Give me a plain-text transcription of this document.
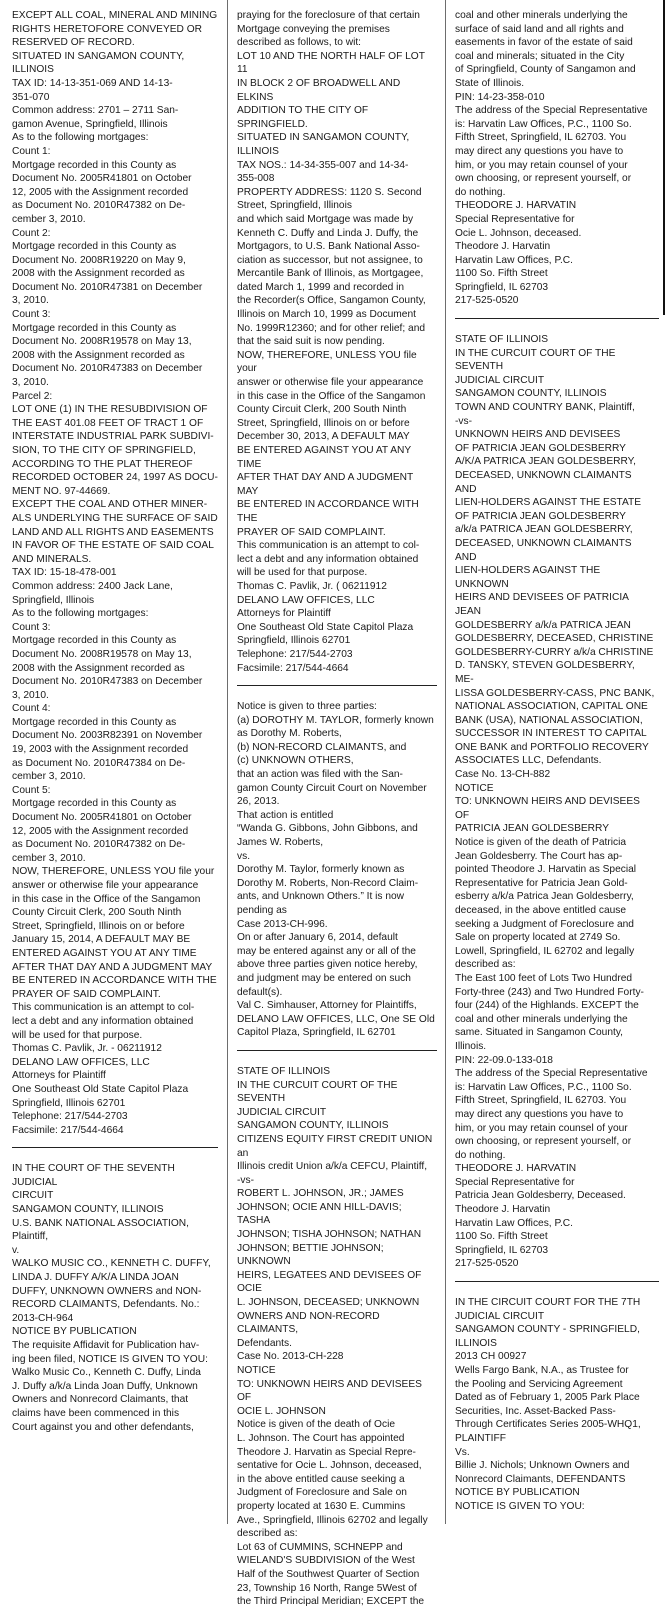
EXCEPT ALL COAL, MINERAL AND MINING
RIGHTS HERETOFORE CONVEYED OR
RESERVED OF RECORD.
SITUATED IN SANGAMON COUNTY,
ILLINOIS
TAX ID: 14-13-351-069 AND 14-13-
351-070
Common address: 2701 – 2711 San-
gamon Avenue, Springfield, Illinois
As to the following mortgages:
Count 1:
Mortgage recorded in this County as
Document No. 2005R41801 on October
12, 2005 with the Assignment recorded
as Document No. 2010R47382 on De-
cember 3, 2010.
Count 2:
Mortgage recorded in this County as
Document No. 2008R19220 on May 9,
2008 with the Assignment recorded as
Document No. 2010R47381 on December
3, 2010.
Count 3:
Mortgage recorded in this County as
Document No. 2008R19578 on May 13,
2008 with the Assignment recorded as
Document No. 2010R47383 on December
3, 2010.
Parcel 2:
LOT ONE (1) IN THE RESUBDIVISION OF
THE EAST 401.08 FEET OF TRACT 1 OF
INTERSTATE INDUSTRIAL PARK SUBDIVI-
SION, TO THE CITY OF SPRINGFIELD,
ACCORDING TO THE PLAT THEREOF
RECORDED OCTOBER 24, 1997 AS DOCU-
MENT NO. 97-44669.
EXCEPT THE COAL AND OTHER MINER-
ALS UNDERLYING THE SURFACE OF SAID
LAND AND ALL RIGHTS AND EASEMENTS
IN FAVOR OF THE ESTATE OF SAID COAL
AND MINERALS.
TAX ID: 15-18-478-001
Common address: 2400 Jack Lane,
Springfield, Illinois
As to the following mortgages:
Count 3:
Mortgage recorded in this County as
Document No. 2008R19578 on May 13,
2008 with the Assignment recorded as
Document No. 2010R47383 on December
3, 2010.
Count 4:
Mortgage recorded in this County as
Document No. 2003R82391 on November
19, 2003 with the Assignment recorded
as Document No. 2010R47384 on De-
cember 3, 2010.
Count 5:
Mortgage recorded in this County as
Document No. 2005R41801 on October
12, 2005 with the Assignment recorded
as Document No. 2010R47382 on De-
cember 3, 2010.
NOW, THEREFORE, UNLESS YOU file your
answer or otherwise file your appearance
in this case in the Office of the Sangamon
County Circuit Clerk, 200 South Ninth
Street, Springfield, Illinois on or before
January 15, 2014, A DEFAULT MAY BE
ENTERED AGAINST YOU AT ANY TIME
AFTER THAT DAY AND A JUDGMENT MAY
BE ENTERED IN ACCORDANCE WITH THE
PRAYER OF SAID COMPLAINT.
This communication is an attempt to col-
lect a debt and any information obtained
will be used for that purpose.
Thomas C. Pavlik, Jr. - 06211912
DELANO LAW OFFICES, LLC
Attorneys for Plaintiff
One Southeast Old State Capitol Plaza
Springfield, Illinois 62701
Telephone: 217/544-2703
Facsimile: 217/544-4664

IN THE COURT OF THE SEVENTH JUDICIAL
CIRCUIT
SANGAMON COUNTY, ILLINOIS
U.S. BANK NATIONAL ASSOCIATION,
Plaintiff,
v.
WALKO MUSIC CO., KENNETH C. DUFFY,
LINDA J. DUFFY A/K/A LINDA JOAN
DUFFY, UNKNOWN OWNERS and NON-
RECORD CLAIMANTS, Defendants. No.:
2013-CH-964
NOTICE BY PUBLICATION
The requisite Affidavit for Publication hav-
ing been filed, NOTICE IS GIVEN TO YOU:
Walko Music Co., Kenneth C. Duffy, Linda
J. Duffy a/k/a Linda Joan Duffy, Unknown
Owners and Nonrecord Claimants, that
claims have been commenced in this
Court against you and other defendants,

praying for the foreclosure of that certain
Mortgage conveying the premises
described as follows, to wit:
LOT 10 AND THE NORTH HALF OF LOT 11
IN BLOCK 2 OF BROADWELL AND ELKINS
ADDITION TO THE CITY OF SPRINGFIELD.
SITUATED IN SANGAMON COUNTY,
ILLINOIS
TAX NOS.: 14-34-355-007 and 14-34-
355-008
PROPERTY ADDRESS: 1120 S. Second
Street, Springfield, Illinois
and which said Mortgage was made by
Kenneth C. Duffy and Linda J. Duffy, the
Mortgagors, to U.S. Bank National Asso-
ciation as successor, but not assignee, to
Mercantile Bank of Illinois, as Mortgagee,
dated March 1, 1999 and recorded in
the Recorder(s Office, Sangamon County,
Illinois on March 10, 1999 as Document
No. 1999R12360; and for other relief; and
that the said suit is now pending.
NOW, THEREFORE, UNLESS YOU file your
answer or otherwise file your appearance
in this case in the Office of the Sangamon
County Circuit Clerk, 200 South Ninth
Street, Springfield, Illinois on or before
December 30, 2013, A DEFAULT MAY
BE ENTERED AGAINST YOU AT ANY TIME
AFTER THAT DAY AND A JUDGMENT MAY
BE ENTERED IN ACCORDANCE WITH THE
PRAYER OF SAID COMPLAINT.
This communication is an attempt to col-
lect a debt and any information obtained
will be used for that purpose.
Thomas C. Pavlik, Jr. ( 06211912
DELANO LAW OFFICES, LLC
Attorneys for Plaintiff
One Southeast Old State Capitol Plaza
Springfield, Illinois 62701
Telephone: 217/544-2703
Facsimile: 217/544-4664

Notice is given to three parties:
(a) DOROTHY M. TAYLOR, formerly known
as Dorothy M. Roberts,
(b) NON-RECORD CLAIMANTS, and
(c) UNKNOWN OTHERS,
that an action was filed with the San-
gamon County Circuit Court on November
26, 2013.
That action is entitled
“Wanda G. Gibbons, John Gibbons, and
James W. Roberts,
vs.
Dorothy M. Taylor, formerly known as
Dorothy M. Roberts, Non-Record Claim-
ants, and Unknown Others.” It is now
pending as
Case 2013-CH-996.
On or after January 6, 2014, default
may be entered against any or all of the
above three parties given notice hereby,
and judgment may be entered on such
default(s).
Val C. Simhauser, Attorney for Plaintiffs,
DELANO LAW OFFICES, LLC, One SE Old
Capitol Plaza, Springfield, IL 62701

STATE OF ILLINOIS
IN THE CURCUIT COURT OF THE SEVENTH
JUDICIAL CIRCUIT
SANGAMON COUNTY, ILLINOIS
CITIZENS EQUITY FIRST CREDIT UNION an
Illinois credit Union a/k/a CEFCU, Plaintiff,
-vs-
ROBERT L. JOHNSON, JR.; JAMES
JOHNSON; OCIE ANN HILL-DAVIS; TASHA
JOHNSON; TISHA JOHNSON; NATHAN
JOHNSON; BETTIE JOHNSON; UNKNOWN
HEIRS, LEGATEES AND DEVISEES OF OCIE
L. JOHNSON, DECEASED; UNKNOWN
OWNERS AND NON-RECORD CLAIMANTS,
Defendants.
Case No. 2013-CH-228
NOTICE
TO: UNKNOWN HEIRS AND DEVISEES OF
OCIE L. JOHNSON
Notice is given of the death of Ocie
L. Johnson. The Court has appointed
Theodore J. Harvatin as Special Repre-
sentative for Ocie L. Johnson, deceased,
in the above entitled cause seeking a
Judgment of Foreclosure and Sale on
property located at 1630 E. Cummins
Ave., Springfield, Illinois 62702 and legally
described as:
Lot 63 of CUMMINS, SCHNEPP and
WIELAND'S SUBDIVISION of the West
Half of the Southwest Quarter of Section
23, Township 16 North, Range 5West of
the Third Principal Meridian; EXCEPT the

coal and other minerals underlying the
surface of said land and all rights and
easements in favor of the estate of said
coal and minerals; situated in the City
of Springfield, County of Sangamon and
State of Illinois.
PIN: 14-23-358-010
The address of the Special Representative
is: Harvatin Law Offices, P.C., 1100 So.
Fifth Street, Springfield, IL 62703. You
may direct any questions you have to
him, or you may retain counsel of your
own choosing, or represent yourself, or
do nothing.
THEODORE J. HARVATIN
Special Representative for
Ocie L. Johnson, deceased.
Theodore J. Harvatin
Harvatin Law Offices, P.C.
1100 So. Fifth Street
Springfield, IL 62703
217-525-0520

STATE OF ILLINOIS
IN THE CURCUIT COURT OF THE SEVENTH
JUDICIAL CIRCUIT
SANGAMON COUNTY, ILLINOIS
TOWN AND COUNTRY BANK, Plaintiff,
-vs-
UNKNOWN HEIRS AND DEVISEES
OF PATRICIA JEAN GOLDESBERRY
A/K/A PATRICA JEAN GOLDESBERRY,
DECEASED, UNKNOWN CLAIMANTS AND
LIEN-HOLDERS AGAINST THE ESTATE
OF PATRICIA JEAN GOLDESBERRY
a/k/a PATRICA JEAN GOLDESBERRY,
DECEASED, UNKNOWN CLAIMANTS AND
LIEN-HOLDERS AGAINST THE UNKNOWN
HEIRS AND DEVISEES OF PATRICIA JEAN
GOLDESBERRY a/k/a PATRICA JEAN
GOLDESBERRY, DECEASED, CHRISTINE
GOLDESBERRY-CURRY a/k/a CHRISTINE
D. TANSKY, STEVEN GOLDESBERRY, ME-
LISSA GOLDESBERRY-CASS, PNC BANK,
NATIONAL ASSOCIATION, CAPITAL ONE
BANK (USA), NATIONAL ASSOCIATION,
SUCCESSOR IN INTEREST TO CAPITAL
ONE BANK and PORTFOLIO RECOVERY
ASSOCIATES LLC, Defendants.
Case No. 13-CH-882
NOTICE
TO: UNKNOWN HEIRS AND DEVISEES OF
PATRICIA JEAN GOLDESBERRY
Notice is given of the death of Patricia
Jean Goldesberry. The Court has ap-
pointed Theodore J. Harvatin as Special
Representative for Patricia Jean Gold-
esberry a/k/a Patrica Jean Goldesberry,
deceased, in the above entitled cause
seeking a Judgment of Foreclosure and
Sale on property located at 2749 So.
Lowell, Springfield, IL 62702 and legally
described as:
The East 100 feet of Lots Two Hundred
Forty-three (243) and Two Hundred Forty-
four (244) of the Highlands. EXCEPT the
coal and other minerals underlying the
same. Situated in Sangamon County,
Illinois.
PIN: 22-09.0-133-018
The address of the Special Representative
is: Harvatin Law Offices, P.C., 1100 So.
Fifth Street, Springfield, IL 62703. You
may direct any questions you have to
him, or you may retain counsel of your
own choosing, or represent yourself, or
do nothing.
THEODORE J. HARVATIN
Special Representative for
Patricia Jean Goldesberry, Deceased.
Theodore J. Harvatin
Harvatin Law Offices, P.C.
1100 So. Fifth Street
Springfield, IL 62703
217-525-0520

IN THE CIRCUIT COURT FOR THE 7TH
JUDICIAL CIRCUIT
SANGAMON COUNTY - SPRINGFIELD,
ILLINOIS
2013 CH 00927
Wells Fargo Bank, N.A., as Trustee for
the Pooling and Servicing Agreement
Dated as of February 1, 2005 Park Place
Securities, Inc. Asset-Backed Pass-
Through Certificates Series 2005-WHQ1,
PLAINTIFF
Vs.
Billie J. Nichols; Unknown Owners and
Nonrecord Claimants, DEFENDANTS
NOTICE BY PUBLICATION
NOTICE IS GIVEN TO YOU:
